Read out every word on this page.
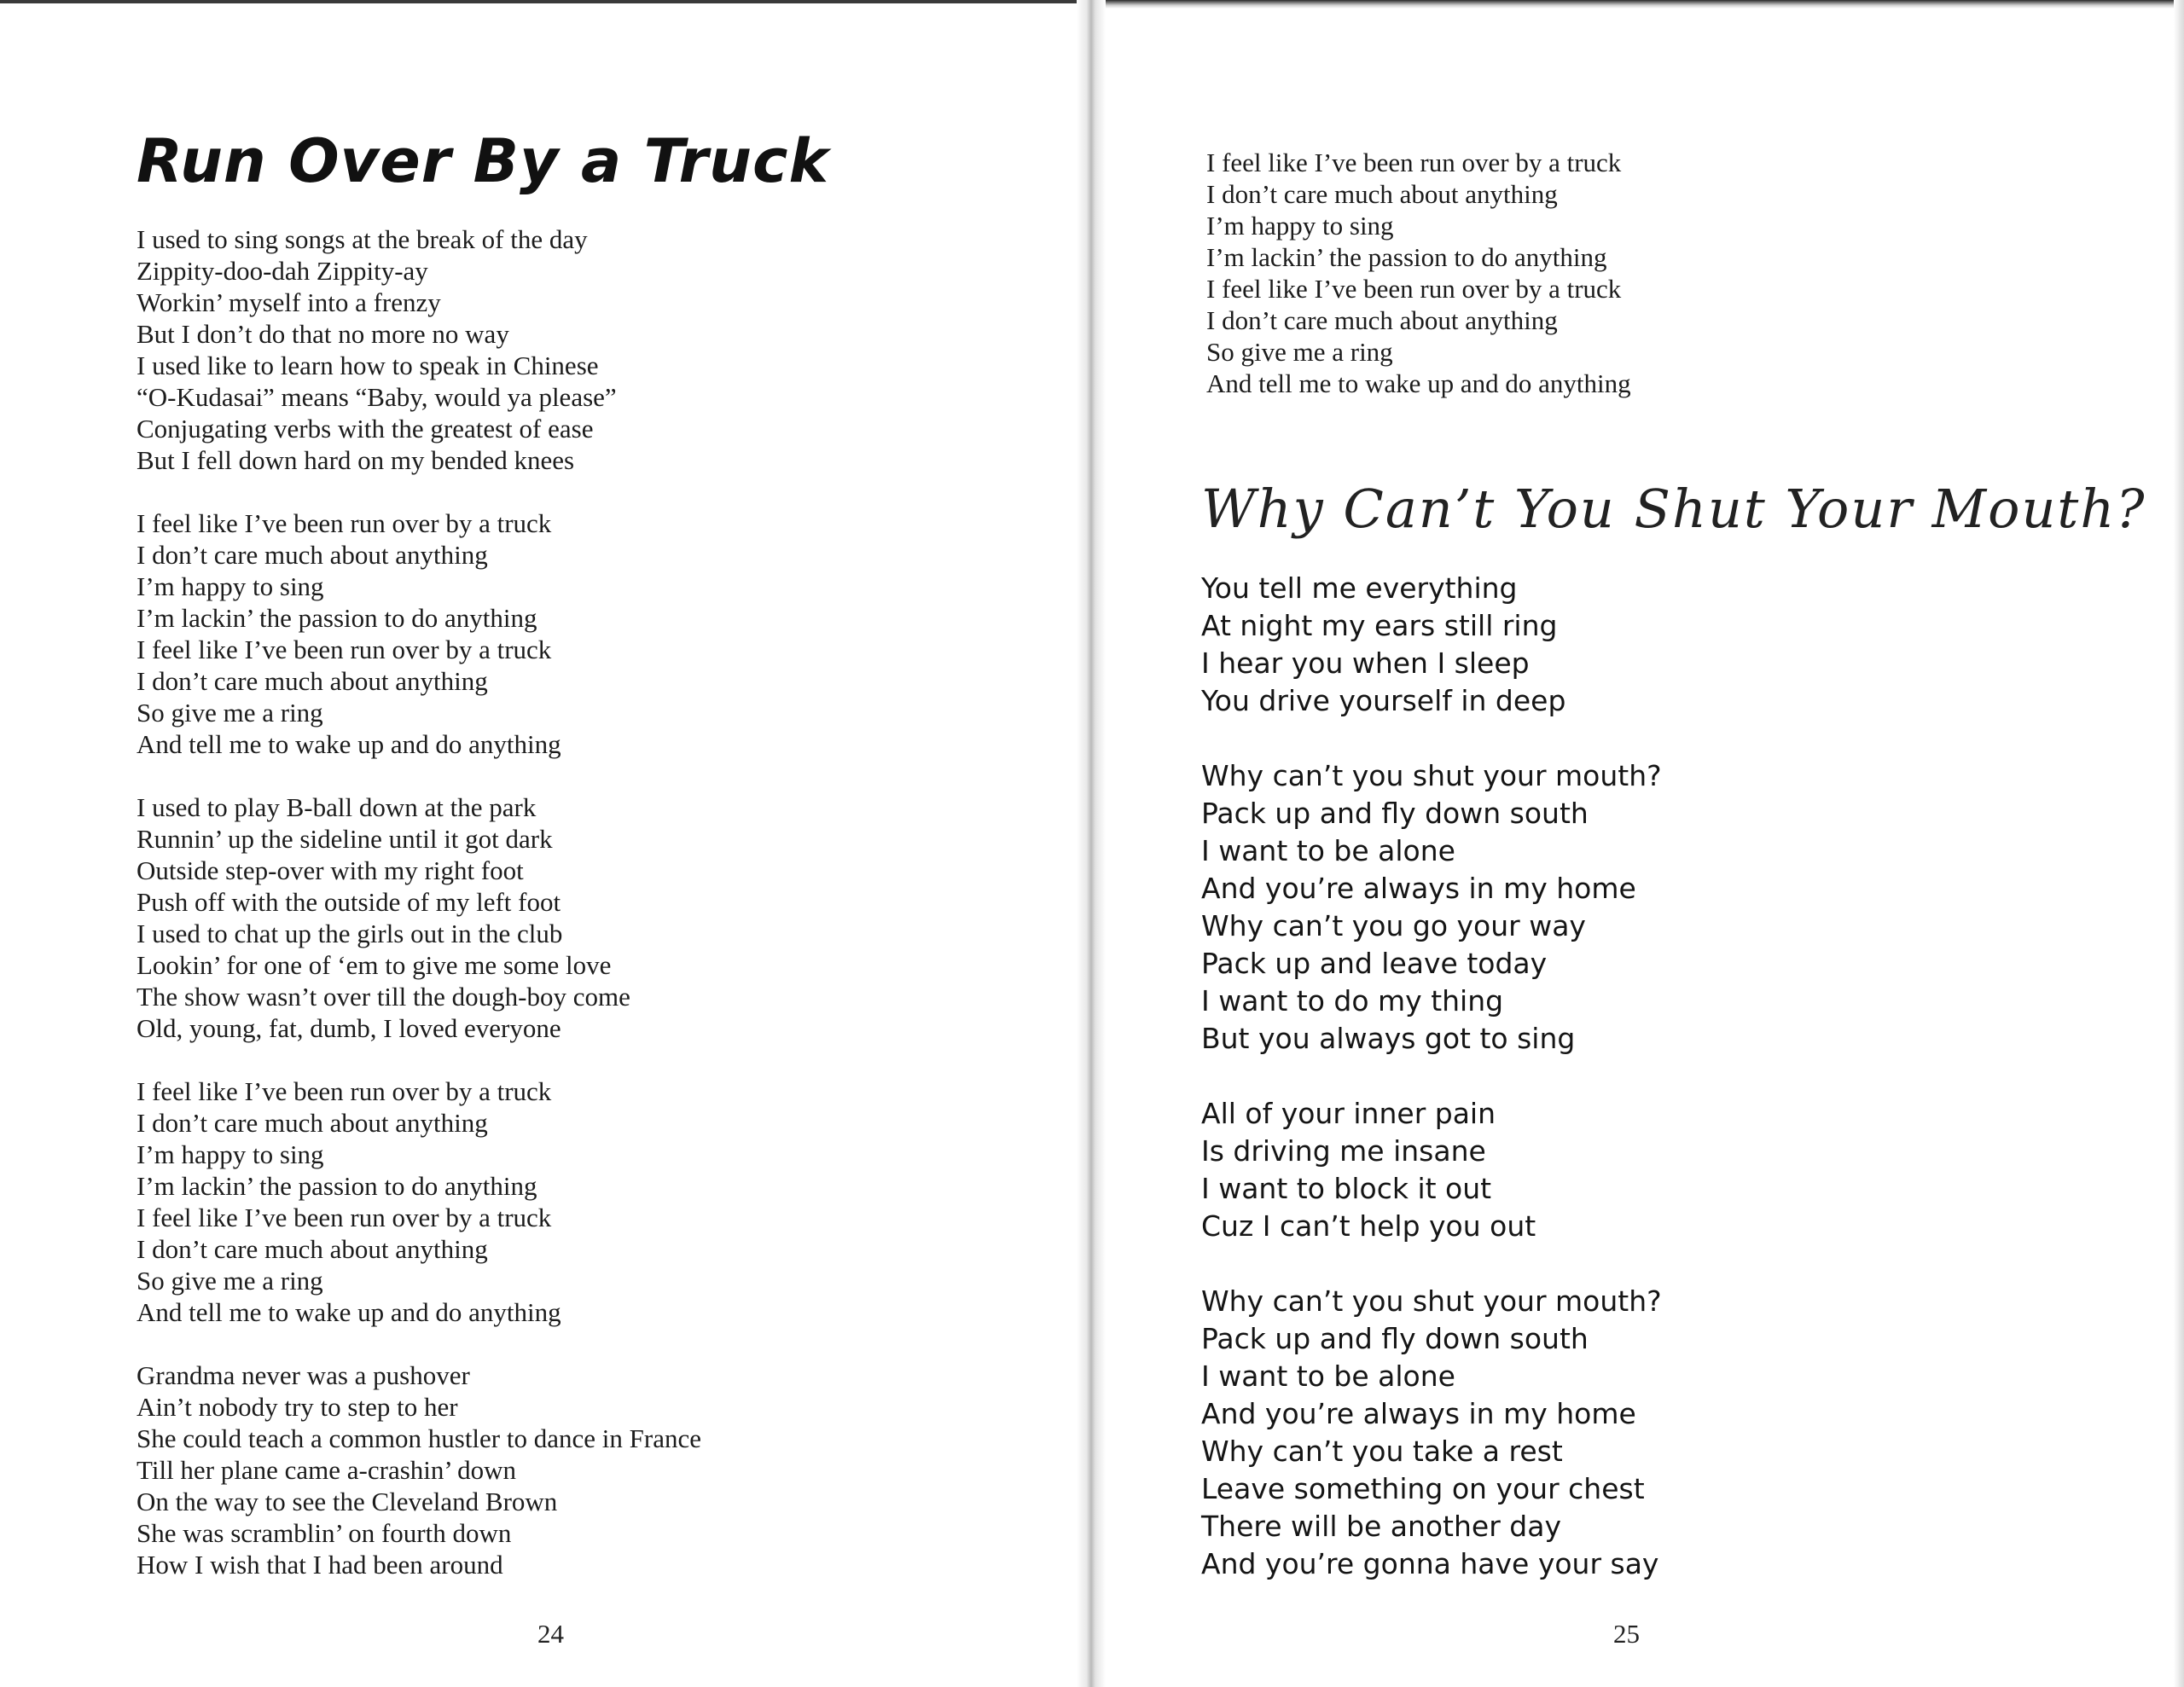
Run Over By a Truck
I used to sing songs at the break of the day
Zippity-doo-dah Zippity-ay
Workin’ myself into a frenzy
But I don’t do that no more no way
I used like to learn how to speak in Chinese
“O-Kudasai” means “Baby, would ya please”
Conjugating verbs with the greatest of ease
But I fell down hard on my bended knees
I feel like I’ve been run over by a truck
I don’t care much about anything
I’m happy to sing
I’m lackin’ the passion to do anything
I feel like I’ve been run over by a truck
I don’t care much about anything
So give me a ring
And tell me to wake up and do anything
I used to play B-ball down at the park
Runnin’ up the sideline until it got dark
Outside step-over with my right foot
Push off with the outside of my left foot
I used to chat up the girls out in the club
Lookin’ for one of ‘em to give me some love
The show wasn’t over till the dough-boy come
Old, young, fat, dumb, I loved everyone
I feel like I’ve been run over by a truck
I don’t care much about anything
I’m happy to sing
I’m lackin’ the passion to do anything
I feel like I’ve been run over by a truck
I don’t care much about anything
So give me a ring
And tell me to wake up and do anything
Grandma never was a pushover
Ain’t nobody try to step to her
She could teach a common hustler to dance in France
Till her plane came a-crashin’ down
On the way to see the Cleveland Brown
She was scramblin’ on fourth down
How I wish that I had been around
24
I feel like I’ve been run over by a truck
I don’t care much about anything
I’m happy to sing
I’m lackin’ the passion to do anything
I feel like I’ve been run over by a truck
I don’t care much about anything
So give me a ring
And tell me to wake up and do anything
Why Can’t You Shut Your Mouth?
You tell me everything
At night my ears still ring
I hear you when I sleep
You drive yourself in deep
Why can’t you shut your mouth?
Pack up and fly down south
I want to be alone
And you’re always in my home
Why can’t you go your way
Pack up and leave today
I want to do my thing
But you always got to sing
All of your inner pain
Is driving me insane
I want to block it out
Cuz I can’t help you out
Why can’t you shut your mouth?
Pack up and fly down south
I want to be alone
And you’re always in my home
Why can’t you take a rest
Leave something on your chest
There will be another day
And you’re gonna have your say
25
